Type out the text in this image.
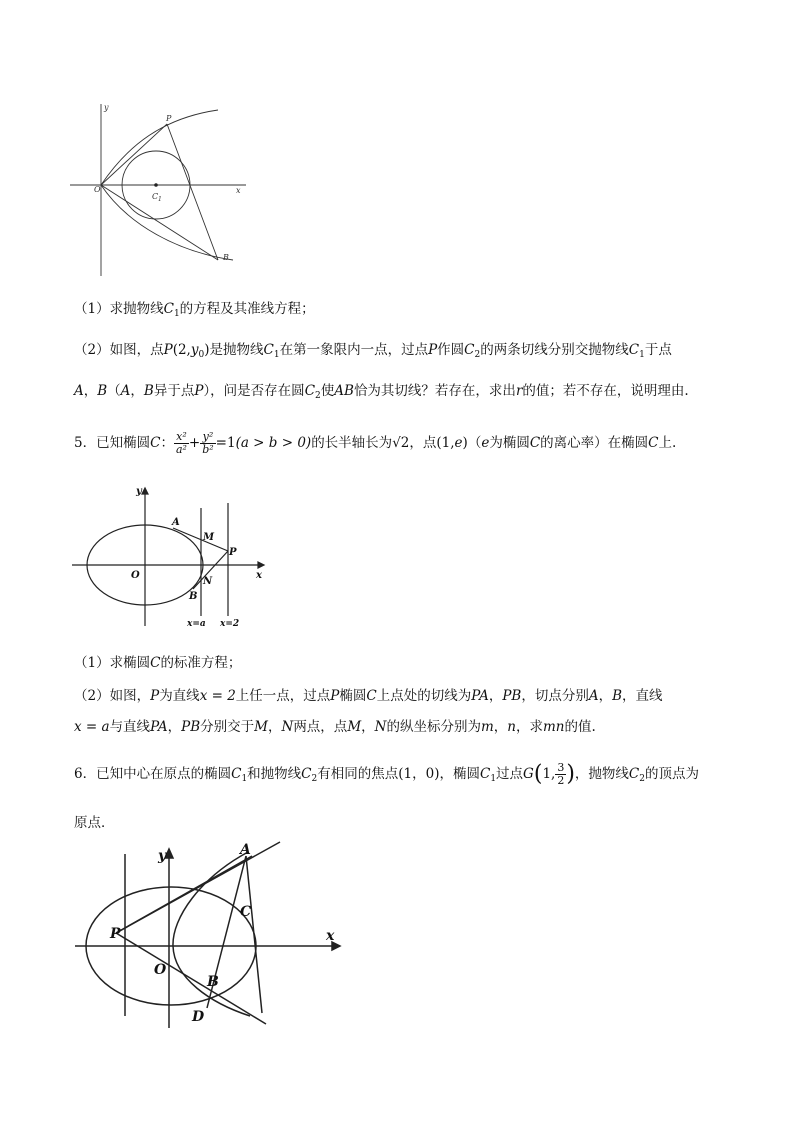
y
P
O
C 1
x
B
（1）求抛物线$C_1$的方程及其准线方程；
（2）如图，点$P(2,y_0)$是抛物线$C_1$在第一象限内一点，过点P作圆$C_2$的两条切线分别交抛物线$C_1$于点
A，B（A，B异于点P），问是否存在圆$C_2$使AB恰为其切线？若存在，求出r的值；若不存在，说明理由.
5．已知椭圆C： $\frac{\text{x²}}{\text{a²}} + \frac{\text{y²}}{\text{b²}} =1(a > b > 0)$的长半轴长为√2，点(1,e)（e为椭圆C的离心率）在椭圆C上.
y
A
M
P
O
N
x
B
x=a x=2
（1）求椭圆C的标准方程；
（2）如图，P为直线x = 2上任一点，过点P椭圆C上点处的切线为PA，PB，切点分别A，B，直线
x = a与直线PA，PB分别交于M，N两点，点M，N的纵坐标分别为m，n，求mn的值.
6．已知中心在原点的椭圆$C_1$和抛物线$C_2$有相同的焦点(1，0)，椭圆$C_1$过点G(1, $\frac{3}{2}$ )，抛物线$C_2$的顶点为
原点．
y	A
C
P	x
O
B
D
